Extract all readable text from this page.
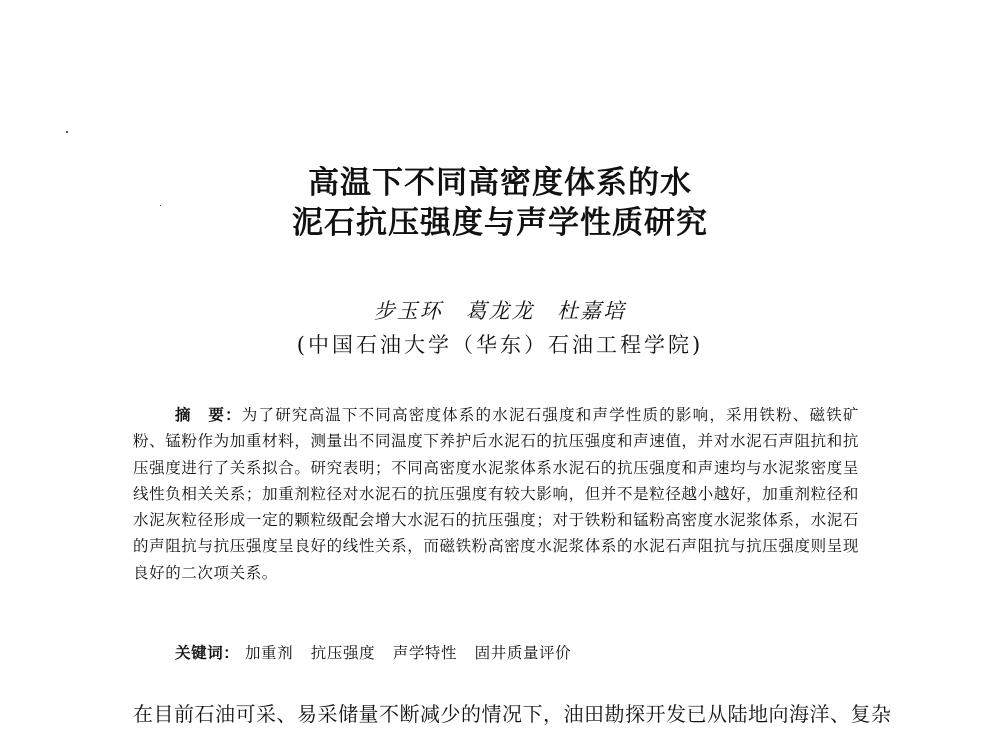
高温下不同高密度体系的水
泥石抗压强度与声学性质研究
步玉环 葛龙龙 杜嘉培
(中国石油大学（华东）石油工程学院)
摘　要：为了研究高温下不同高密度体系的水泥石强度和声学性质的影响，采用铁粉、磁铁矿粉、锰粉作为加重材料，测量出不同温度下养护后水泥石的抗压强度和声速值，并对水泥石声阻抗和抗压强度进行了关系拟合。研究表明；不同高密度水泥浆体系水泥石的抗压强度和声速均与水泥浆密度呈线性负相关关系；加重剂粒径对水泥石的抗压强度有较大影响，但并不是粒径越小越好，加重剂粒径和水泥灰粒径形成一定的颗粒级配会增大水泥石的抗压强度；对于铁粉和锰粉高密度水泥浆体系，水泥石的声阻抗与抗压强度呈良好的线性关系，而磁铁粉高密度水泥浆体系的水泥石声阻抗与抗压强度则呈现良好的二次项关系。
关键词： 加重剂 抗压强度 声学特性 固井质量评价
在目前石油可采、易采储量不断减少的情况下，油田勘探开发已从陆地向海洋、复杂
